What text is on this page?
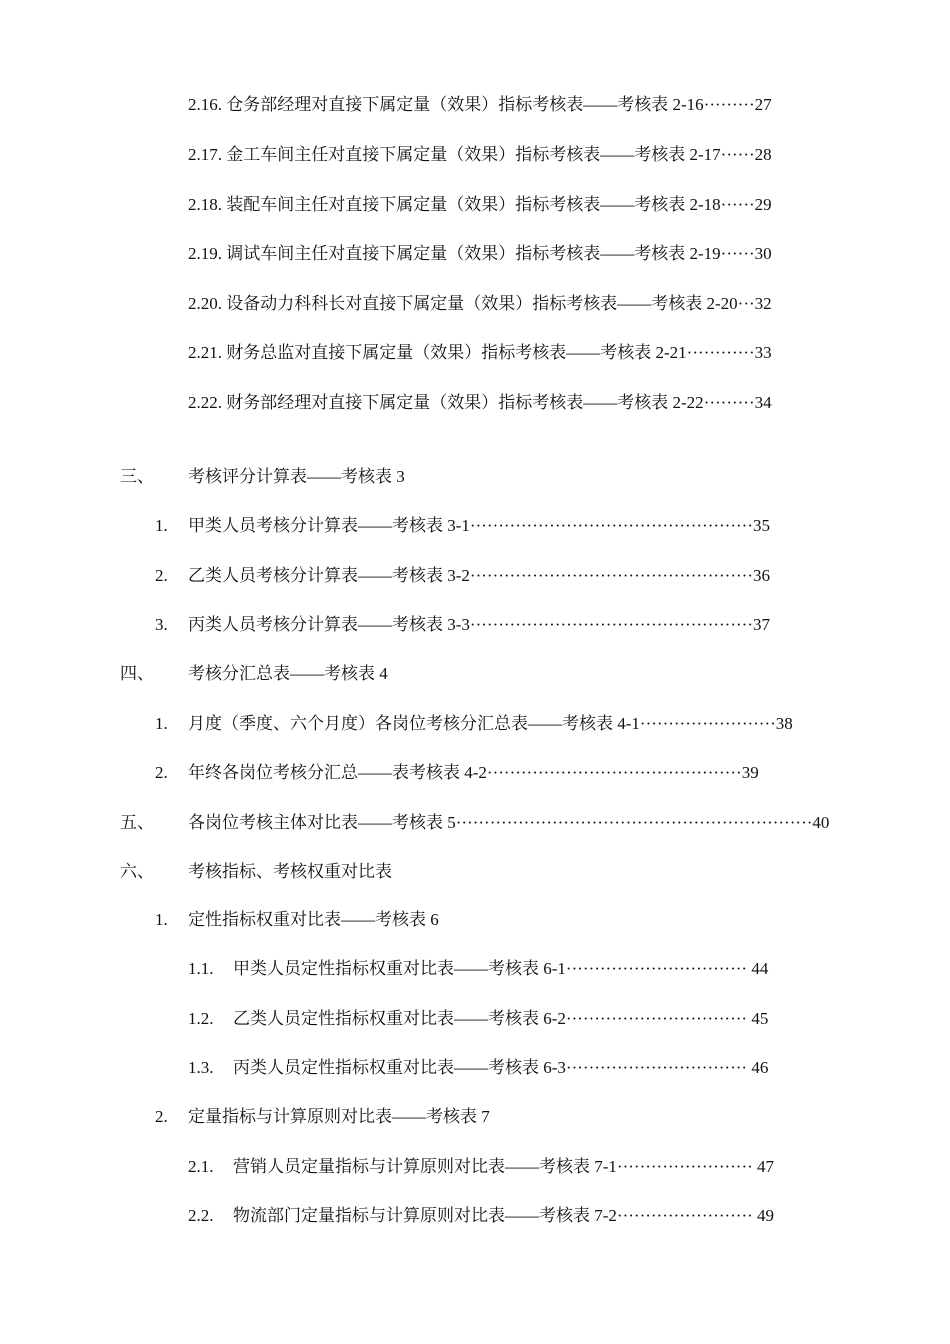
2.16. 仓务部经理对直接下属定量（效果）指标考核表——考核表 2-16·········27
2.17. 金工车间主任对直接下属定量（效果）指标考核表——考核表 2-17······28
2.18. 装配车间主任对直接下属定量（效果）指标考核表——考核表 2-18······29
2.19. 调试车间主任对直接下属定量（效果）指标考核表——考核表 2-19······30
2.20. 设备动力科科长对直接下属定量（效果）指标考核表——考核表 2-20···32
2.21. 财务总监对直接下属定量（效果）指标考核表——考核表 2-21············33
2.22. 财务部经理对直接下属定量（效果）指标考核表——考核表 2-22·········34
三、 考核评分计算表——考核表 3
1. 甲类人员考核分计算表——考核表 3-1··················································35
2. 乙类人员考核分计算表——考核表 3-2··················································36
3. 丙类人员考核分计算表——考核表 3-3··················································37
四、 考核分汇总表——考核表 4
1. 月度（季度、六个月度）各岗位考核分汇总表——考核表 4-1························38
2. 年终各岗位考核分汇总——表考核表 4-2·············································39
五、 各岗位考核主体对比表——考核表 5·······························································40
六、 考核指标、考核权重对比表
1. 定性指标权重对比表——考核表 6
1.1. 甲类人员定性指标权重对比表——考核表 6-1································ 44
1.2. 乙类人员定性指标权重对比表——考核表 6-2································ 45
1.3. 丙类人员定性指标权重对比表——考核表 6-3································ 46
2. 定量指标与计算原则对比表——考核表 7
2.1. 营销人员定量指标与计算原则对比表——考核表 7-1························ 47
2.2. 物流部门定量指标与计算原则对比表——考核表 7-2························ 49
